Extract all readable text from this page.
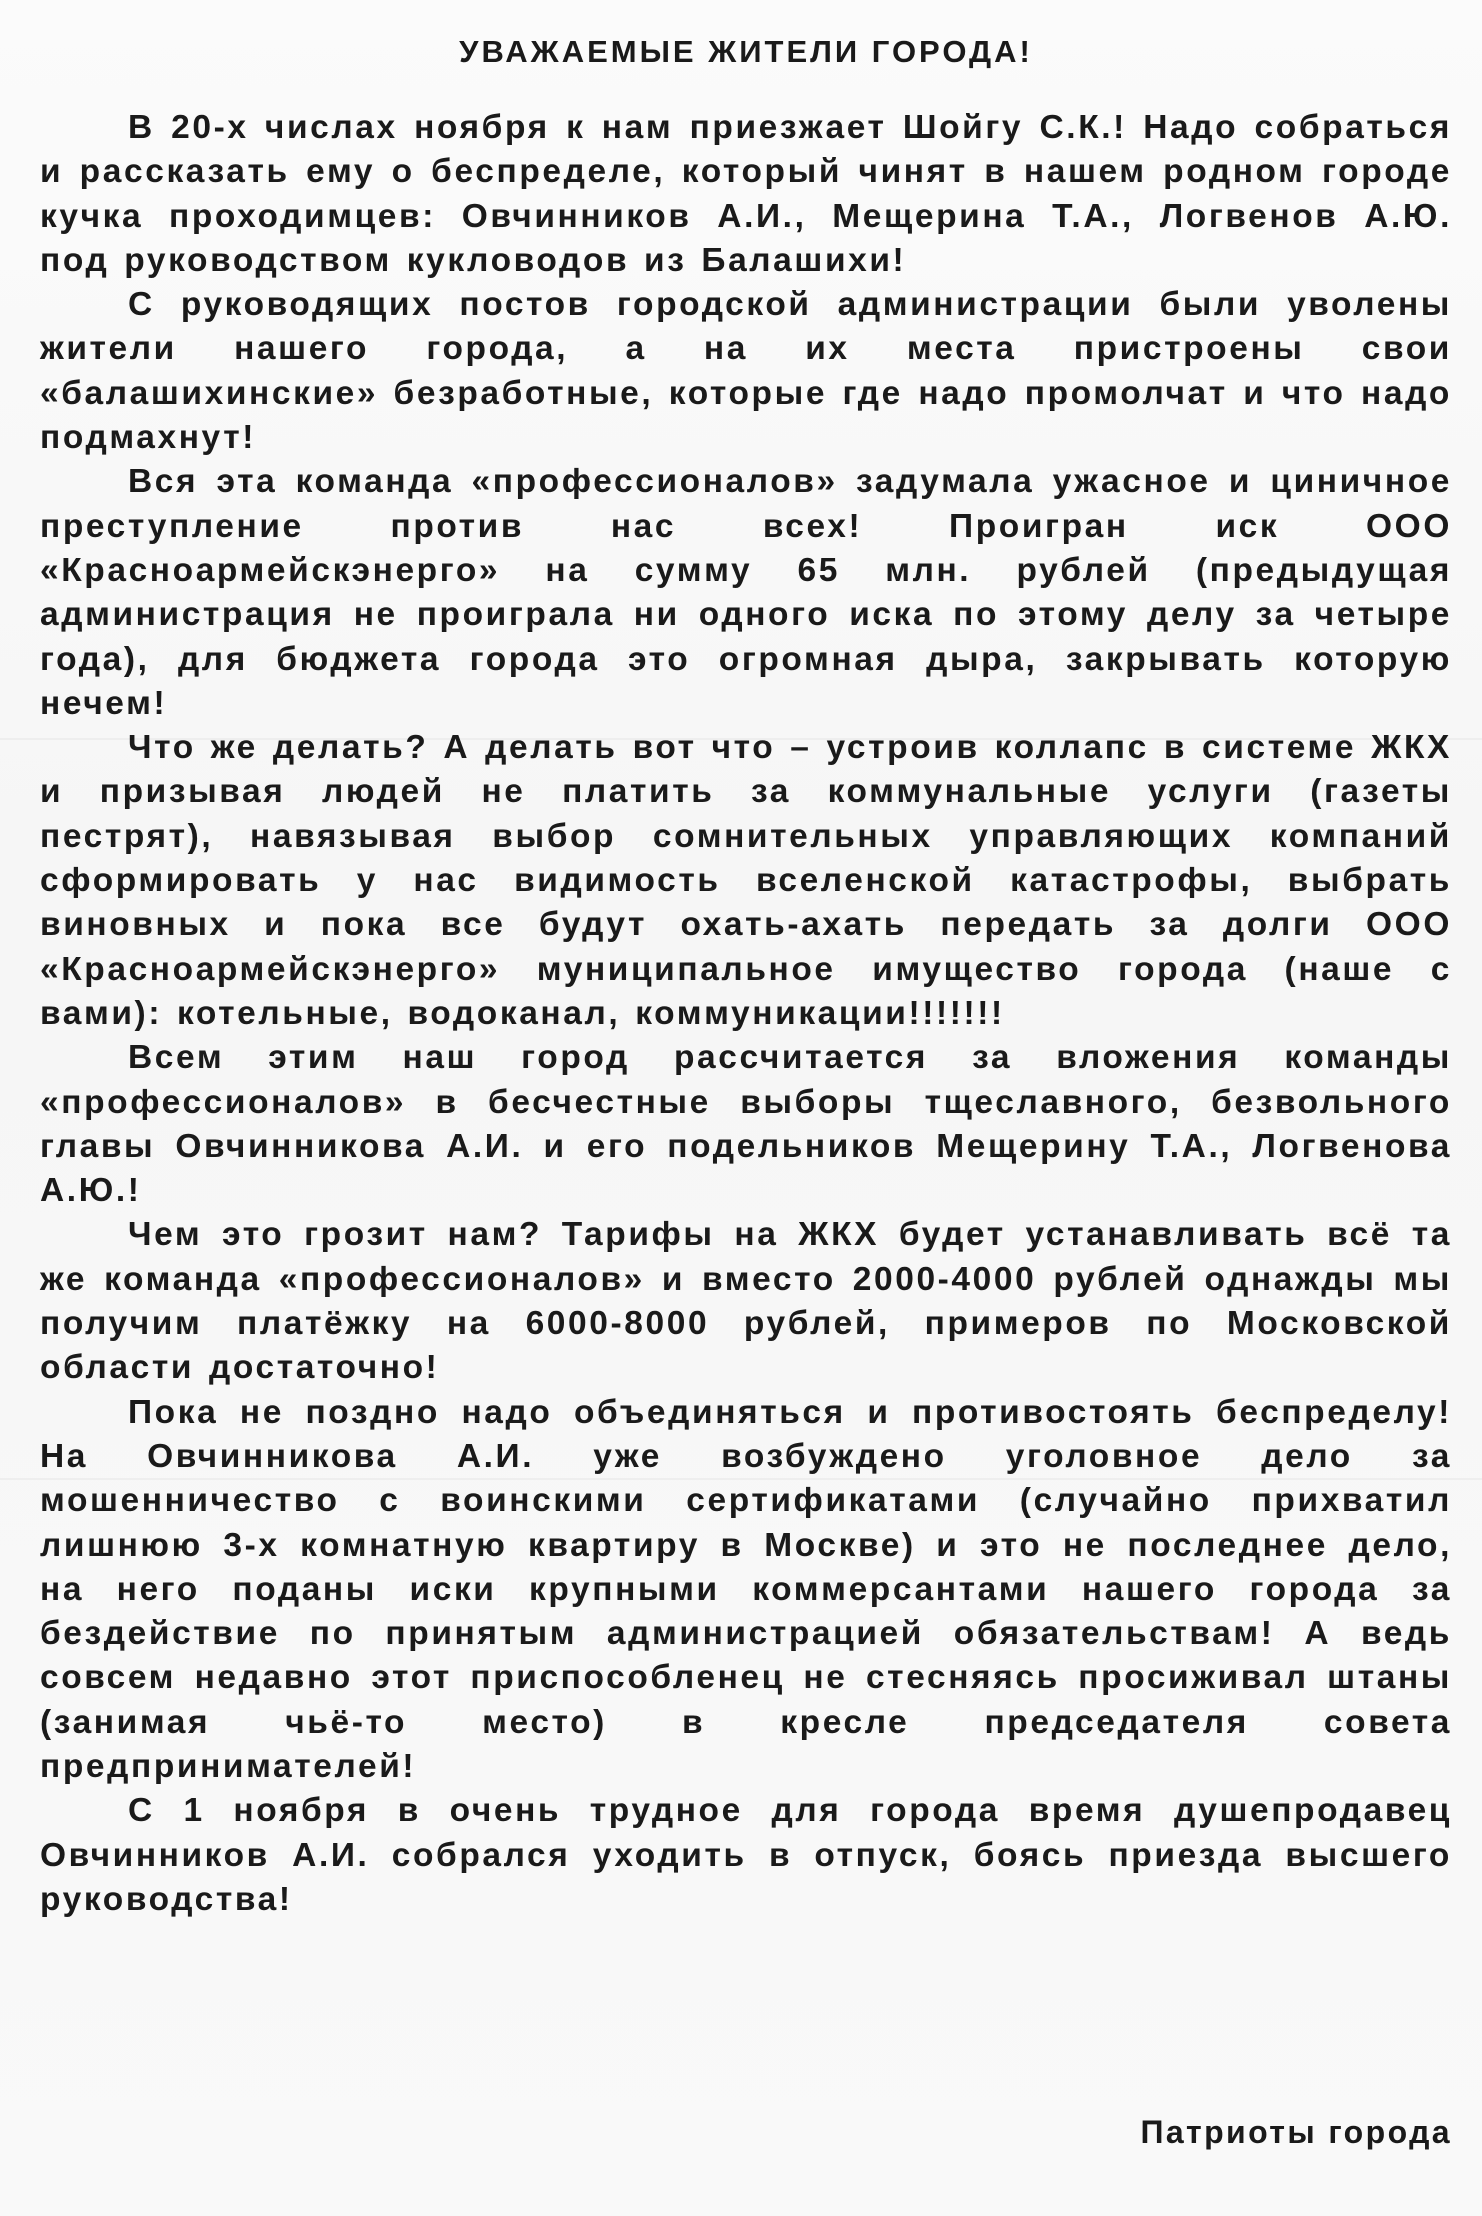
УВАЖАЕМЫЕ ЖИТЕЛИ ГОРОДА!

В 20-х числах ноября к нам приезжает Шойгу С.К.! Надо собраться и рассказать ему о беспределе, который чинят в нашем родном городе кучка проходимцев: Овчинников А.И., Мещерина Т.А., Логвенов А.Ю. под руководством кукловодов из Балашихи!

С руководящих постов городской администрации были уволены жители нашего города, а на их места пристроены свои «балашихинские» безработные, которые где надо промолчат и что надо подмахнут!

Вся эта команда «профессионалов» задумала ужасное и циничное преступление против нас всех! Проигран иск ООО «Красноармейскэнерго» на сумму 65 млн. рублей (предыдущая администрация не проиграла ни одного иска по этому делу за четыре года), для бюджета города это огромная дыра, закрывать которую нечем!

Что же делать? А делать вот что – устроив коллапс в системе ЖКХ и призывая людей не платить за коммунальные услуги (газеты пестрят), навязывая выбор сомнительных управляющих компаний сформировать у нас видимость вселенской катастрофы, выбрать виновных и пока все будут охать-ахать передать за долги ООО «Красноармейскэнерго» муниципальное имущество города (наше с вами): котельные, водоканал, коммуникации!!!!!!!

Всем этим наш город рассчитается за вложения команды «профессионалов» в бесчестные выборы тщеславного, безвольного главы Овчинникова А.И. и его подельников Мещерину Т.А., Логвенова А.Ю.!

Чем это грозит нам? Тарифы на ЖКХ будет устанавливать всё та же команда «профессионалов» и вместо 2000-4000 рублей однажды мы получим платёжку на 6000-8000 рублей, примеров по Московской области достаточно!

Пока не поздно надо объединяться и противостоять беспределу! На Овчинникова А.И. уже возбуждено уголовное дело за мошенничество с воинскими сертификатами (случайно прихватил лишнюю 3-х комнатную квартиру в Москве) и это не последнее дело, на него поданы иски крупными коммерсантами нашего города за бездействие по принятым администрацией обязательствам! А ведь совсем недавно этот приспособленец не стесняясь просиживал штаны (занимая чьё-то место) в кресле председателя совета предпринимателей!

С 1 ноября в очень трудное для города время душепродавец Овчинников А.И. собрался уходить в отпуск, боясь приезда высшего руководства!

Патриоты города
